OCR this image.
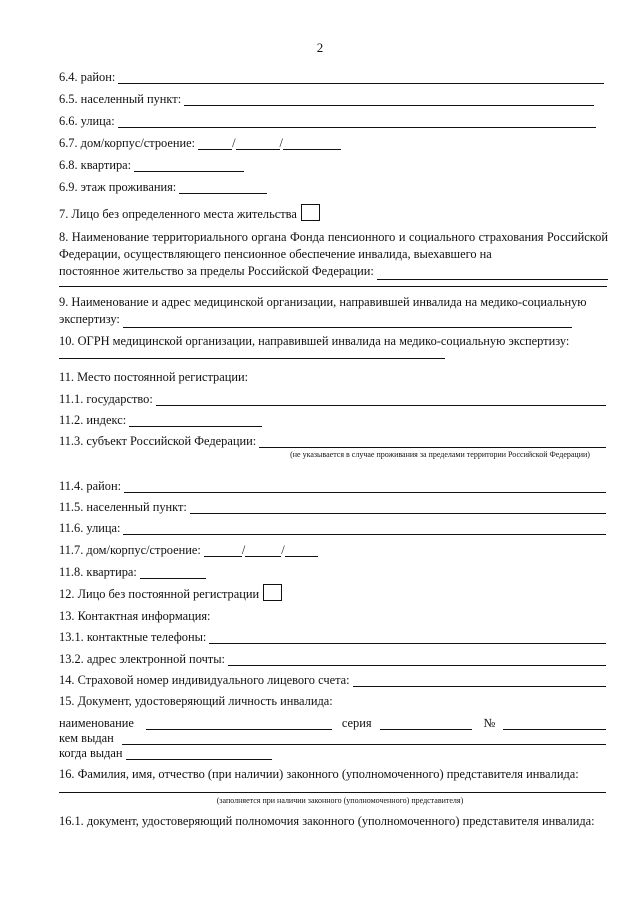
2
6.4. район:
6.5. населенный пункт:
6.6. улица:
6.7. дом/корпус/строение:	/	/
6.8. квартира:
6.9. этаж проживания:
7. Лицо без определенного места жительства
8. Наименование территориального органа Фонда пенсионного и социального страхования Российской Федерации, осуществляющего пенсионное обеспечение инвалида, выехавшего на
постоянное жительство за пределы Российской Федерации:
9. Наименование и адрес медицинской организации, направившей инвалида на медико-социальную
экспертизу:
10. ОГРН медицинской организации, направившей инвалида на медико-социальную экспертизу:
11. Место постоянной регистрации:
11.1. государство:
11.2. индекс:
11.3. субъект Российской Федерации:
(не указывается в случае проживания за пределами территории Российской Федерации)
11.4. район:
11.5. населенный пункт:
11.6. улица:
11.7. дом/корпус/строение:	/	/
11.8. квартира:
12. Лицо без постоянной регистрации
13. Контактная информация:
13.1. контактные телефоны:
13.2. адрес электронной почты:
14. Страховой номер индивидуального лицевого счета:
15. Документ, удостоверяющий личность инвалида:
наименование	серия	№
кем выдан
когда выдан
16. Фамилия, имя, отчество (при наличии) законного (уполномоченного) представителя инвалида:
(заполняется при наличии законного (уполномоченного) представителя)
16.1. документ, удостоверяющий полномочия законного (уполномоченного) представителя инвалида:
